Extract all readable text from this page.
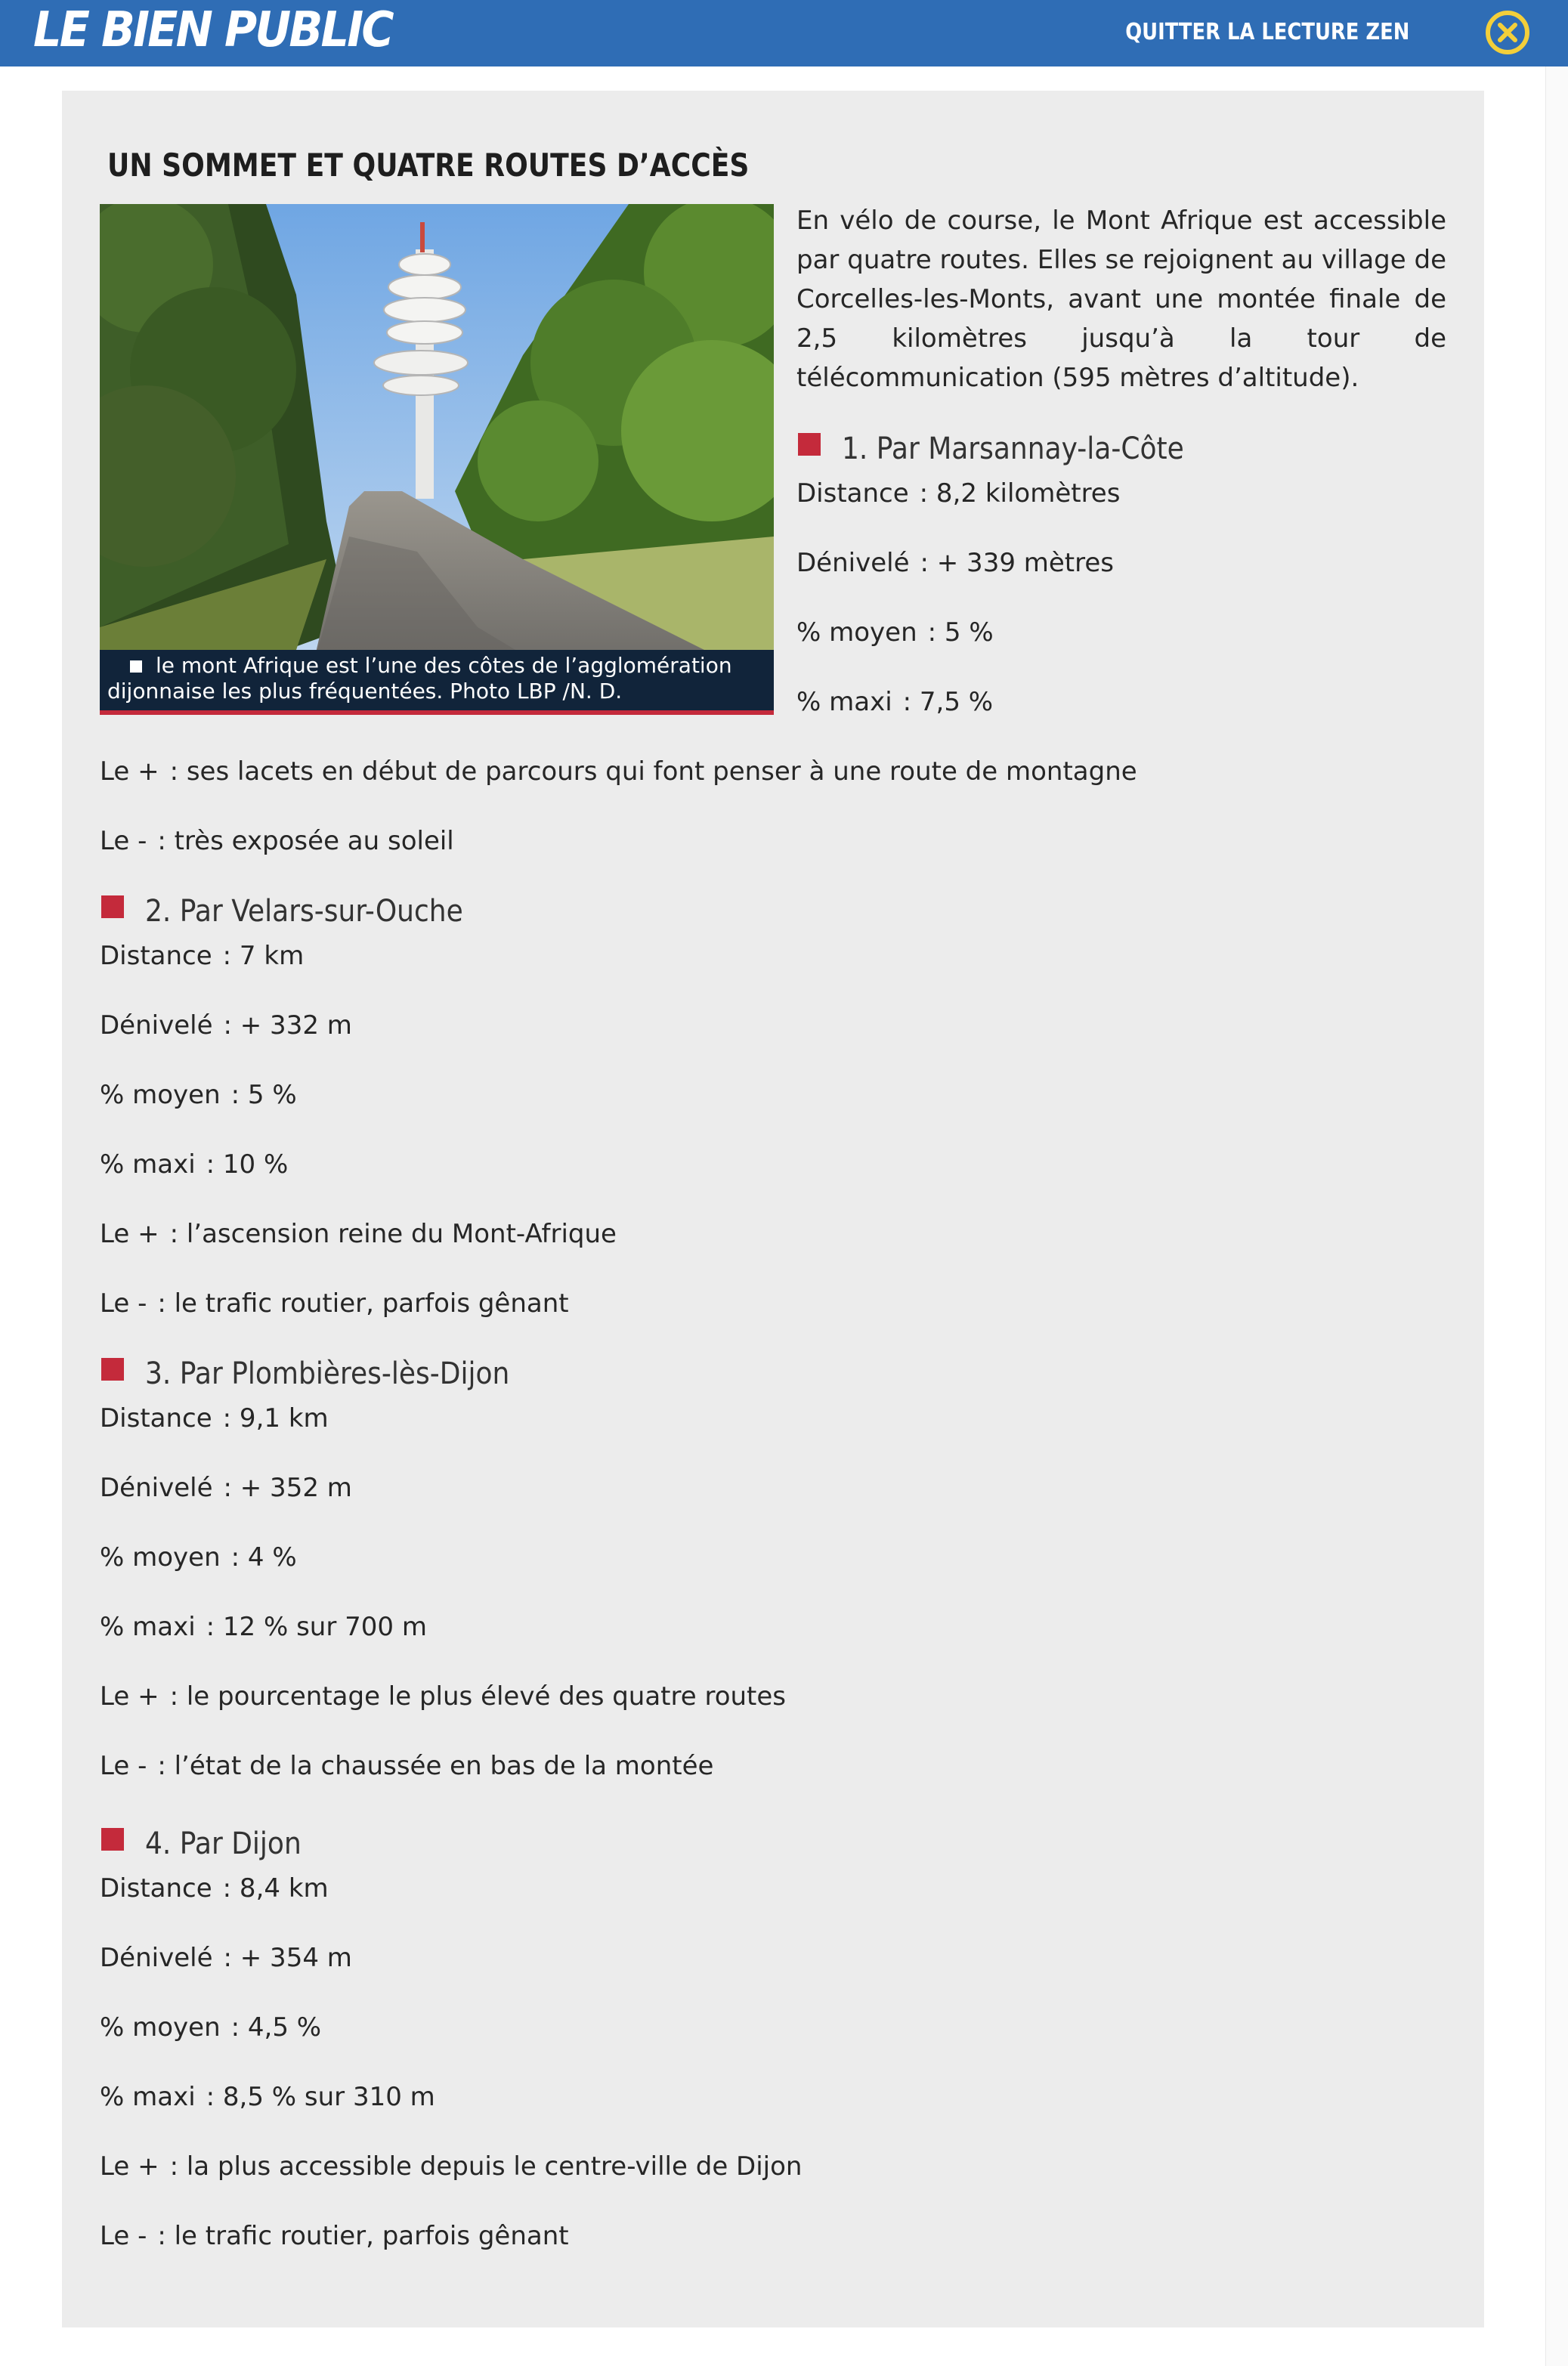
LE BIEN PUBLIC	QUITTER LA LECTURE ZEN
UN SOMMET ET QUATRE ROUTES D’ACCÈS
le mont Afrique est l’une des côtes de l’agglomération
dijonnaise les plus fréquentées. Photo LBP /N. D.
En vélo de course, le Mont Afrique est accessible par quatre routes. Elles se rejoignent au village de Corcelles-les-Monts, avant une montée finale de 2,5 kilomètres jusqu’à la tour de télécommunication (595 mètres d’altitude).
1. Par Marsannay-la-Côte
Distance : 8,2 kilomètres
Dénivelé : + 339 mètres
% moyen : 5 %
% maxi : 7,5 %
Le + : ses lacets en début de parcours qui font penser à une route de montagne
Le - : très exposée au soleil
2. Par Velars-sur-Ouche
Distance : 7 km
Dénivelé : + 332 m
% moyen : 5 %
% maxi : 10 %
Le + : l’ascension reine du Mont-Afrique
Le - : le trafic routier, parfois gênant
3. Par Plombières-lès-Dijon
Distance : 9,1 km
Dénivelé : + 352 m
% moyen : 4 %
% maxi : 12 % sur 700 m
Le + : le pourcentage le plus élevé des quatre routes
Le - : l’état de la chaussée en bas de la montée
4. Par Dijon
Distance : 8,4 km
Dénivelé : + 354 m
% moyen : 4,5 %
% maxi : 8,5 % sur 310 m
Le + : la plus accessible depuis le centre-ville de Dijon
Le - : le trafic routier, parfois gênant
